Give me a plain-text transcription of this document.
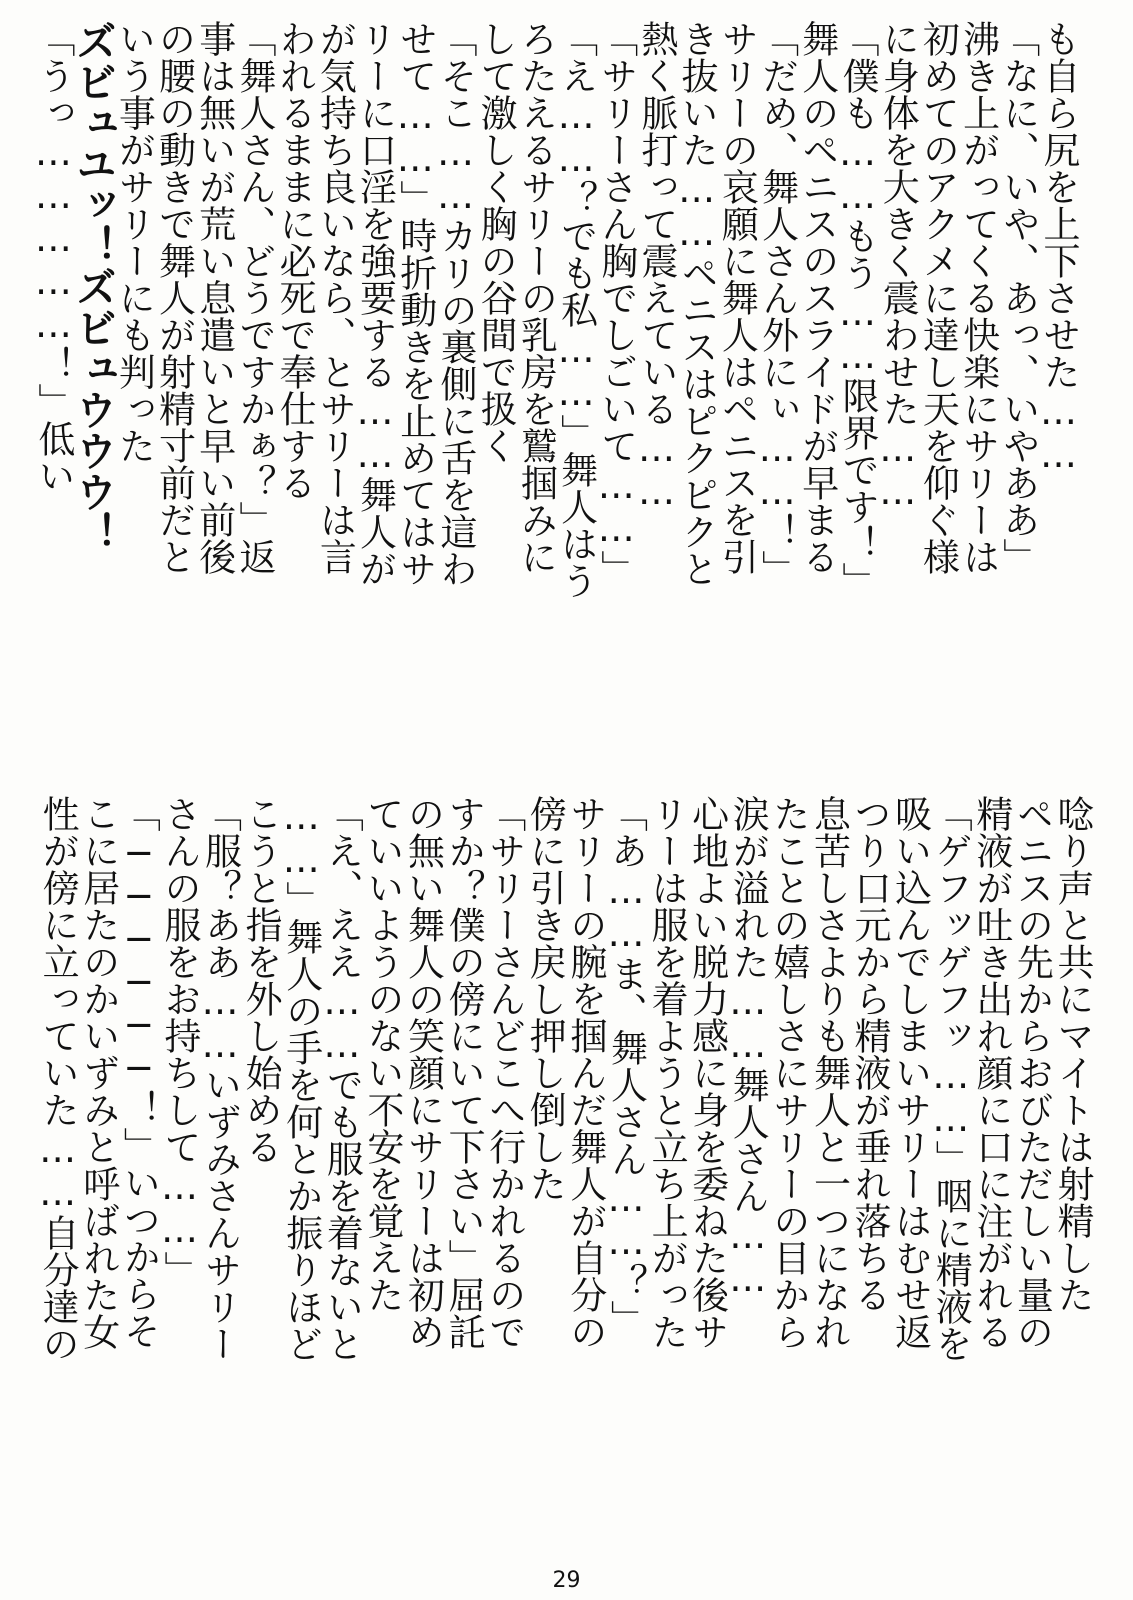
も自ら尻を上下させた……
「なに、いや、あっ、いやああ」
沸き上がってくる快楽にサリーは
初めてのアクメに達し天を仰ぐ様
に身体を大きく震わせた……
「僕も……もう……限界です！」
舞人のペニスのスライドが早まる
「だめ、舞人さん外にぃ……！」
サリーの哀願に舞人はペニスを引
き抜いた……ペニスはピクピクと
熱く脈打って震えている……
「サリーさん胸でしごいて……」
「え……？でも私……」舞人はう
ろたえるサリーの乳房を鷲掴みに
して激しく胸の谷間で扱く
「そこ……カリの裏側に舌を這わ
せて……」時折動きを止めてはサ
リーに口淫を強要する……舞人が
が気持ち良いなら、とサリーは言
われるままに必死で奉仕する
「舞人さん、どうですかぁ？」返
事は無いが荒い息遣いと早い前後
の腰の動きで舞人が射精寸前だと
いう事がサリーにも判った
ズビュユッ！ズビュウウウ！
「うっ……………！」低い
唸り声と共にマイトは射精した
ペニスの先からおびただしい量の
精液が吐き出れ顔に口に注がれる
「ゲフッゲフッ……」咽に精液を
吸い込んでしまいサリーはむせ返
つり口元から精液が垂れ落ちる
息苦しさよりも舞人と一つになれ
たことの嬉しさにサリーの目から
涙が溢れた……舞人さん……
心地よい脱力感に身を委ねた後サ
リーは服を着ようと立ち上がった
「あ……ま、舞人さん……？」
サリーの腕を掴んだ舞人が自分の
傍に引き戻し押し倒した
「サリーさんどこへ行かれるので
すか？僕の傍にいて下さい」屈託
の無い舞人の笑顔にサリーは初め
ていいようのない不安を覚えた
「え、ええ……でも服を着ないと
……」舞人の手を何とか振りほど
こうと指を外し始める
「服？ああ……いずみさんサリー
さんの服をお持ちして……」
「──────！」いつからそ
こに居たのかいずみと呼ばれた女
性が傍に立っていた……自分達の
29
